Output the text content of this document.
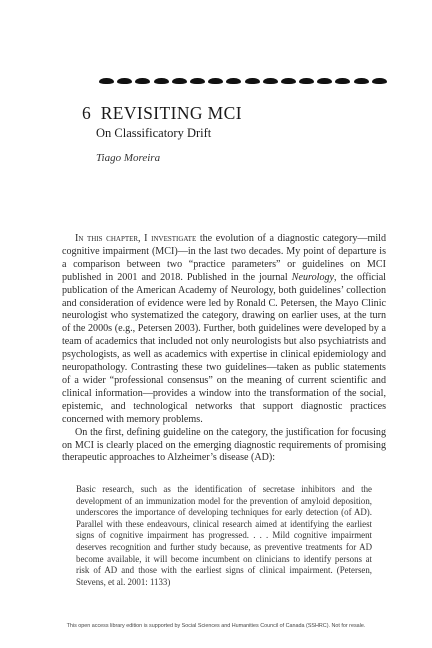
6 REVISITING MCI
On Classificatory Drift
Tiago Moreira

In this chapter, I investigate the evolution of a diagnostic category—mild cognitive impairment (MCI)—in the last two decades. My point of departure is a comparison between two “practice parameters” or guidelines on MCI published in 2001 and 2018. Published in the journal Neurology, the official publication of the American Academy of Neurology, both guidelines’ collection and consideration of evidence were led by Ronald C. Petersen, the Mayo Clinic neurologist who systematized the category, drawing on earlier uses, at the turn of the 2000s (e.g., Petersen 2003). Further, both guidelines were developed by a team of academics that included not only neurologists but also psychiatrists and psychologists, as well as academics with expertise in clinical epidemiology and neuropathology. Contrasting these two guidelines—taken as public statements of a wider “professional consensus” on the meaning of current scientific and clinical information—provides a window into the transformation of the social, epistemic, and technological networks that support diagnostic practices concerned with memory problems.

On the first, defining guideline on the category, the justification for focusing on MCI is clearly placed on the emerging diagnostic requirements of promising therapeutic approaches to Alzheimer’s disease (AD):

Basic research, such as the identification of secretase inhibitors and the development of an immunization model for the prevention of amyloid deposition, underscores the importance of developing techniques for early detection (of AD). Parallel with these endeavours, clinical research aimed at identifying the earliest signs of cognitive impairment has progressed. . . . Mild cognitive impairment deserves recognition and further study because, as preventive treatments for AD become available, it will become incumbent on clinicians to identify persons at risk of AD and those with the earliest signs of clinical impairment. (Petersen, Stevens, et al. 2001: 1133)

This open access library edition is supported by Social Sciences and Humanities Council of Canada (SSHRC). Not for resale.
